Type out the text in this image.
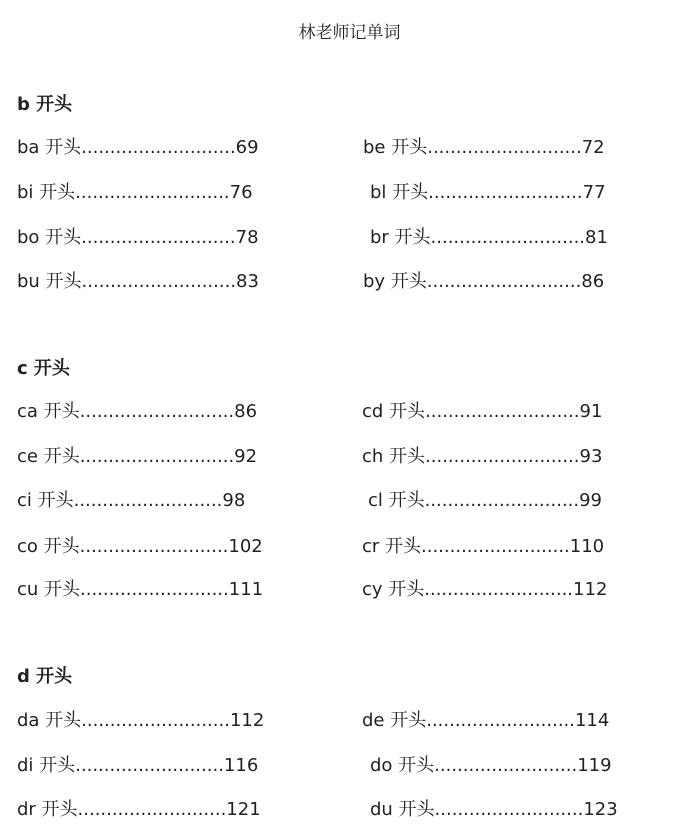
林老师记单词
b 开头
ba 开头...........................69	be 开头...........................72
bi 开头...........................76	bl 开头...........................77
bo 开头...........................78	br 开头...........................81
bu 开头...........................83	by 开头...........................86
c 开头
ca 开头...........................86	cd 开头...........................91
ce 开头...........................92	ch 开头...........................93
ci 开头..........................98	cl 开头...........................99
co 开头..........................102	cr 开头..........................110
cu 开头..........................111	cy 开头..........................112
d 开头
da 开头..........................112	de 开头..........................114
di 开头..........................116	do 开头.........................119
dr 开头..........................121	du 开头..........................123
